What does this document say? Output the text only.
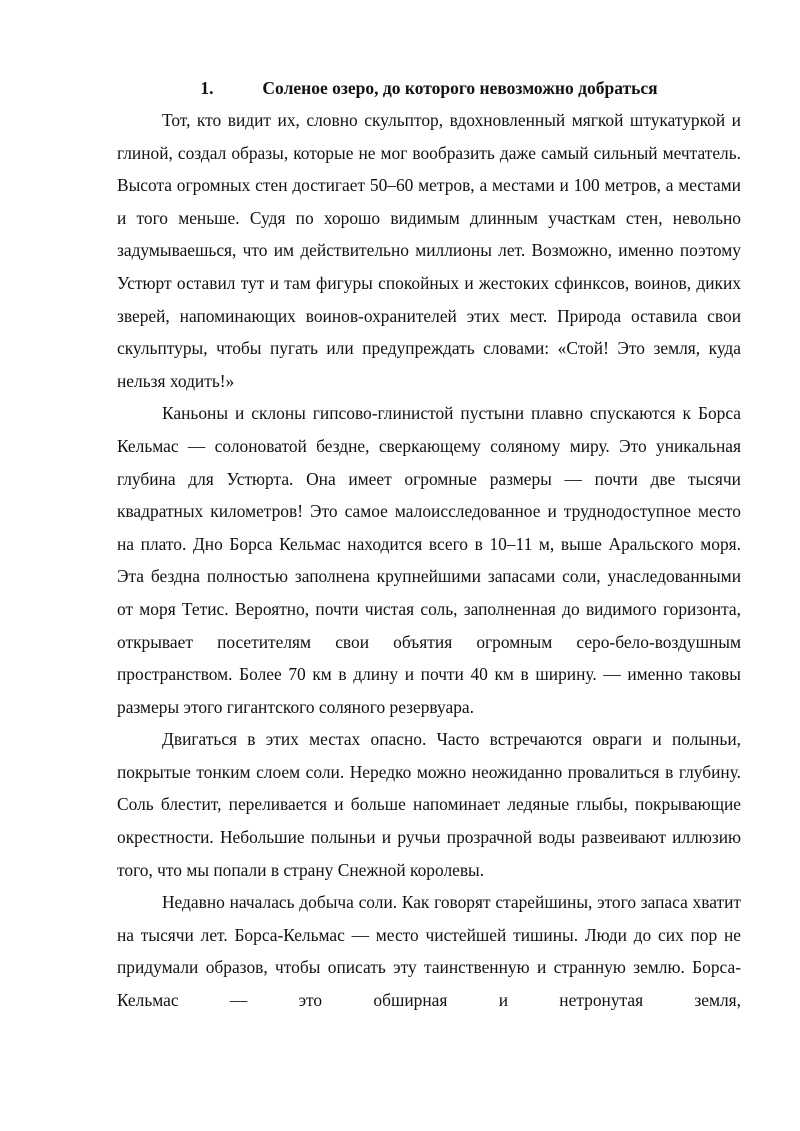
1.	Соленое озеро, до которого невозможно добраться

Тот, кто видит их, словно скульптор, вдохновленный мягкой штукатуркой и глиной, создал образы, которые не мог вообразить даже самый сильный мечтатель. Высота огромных стен достигает 50–60 метров, а местами и 100 метров, а местами и того меньше. Судя по хорошо видимым длинным участкам стен, невольно задумываешься, что им действительно миллионы лет. Возможно, именно поэтому Устюрт оставил тут и там фигуры спокойных и жестоких сфинксов, воинов, диких зверей, напоминающих воинов-охранителей этих мест. Природа оставила свои скульптуры, чтобы пугать или предупреждать словами: «Стой! Это земля, куда нельзя ходить!»

Каньоны и склоны гипсово-глинистой пустыни плавно спускаются к Борса Кельмас — солоноватой бездне, сверкающему соляному миру. Это уникальная глубина для Устюрта. Она имеет огромные размеры — почти две тысячи квадратных километров! Это самое малоисследованное и труднодоступное место на плато. Дно Борса Кельмас находится всего в 10–11 м, выше Аральского моря. Эта бездна полностью заполнена крупнейшими запасами соли, унаследованными от моря Тетис. Вероятно, почти чистая соль, заполненная до видимого горизонта, открывает посетителям свои объятия огромным серо-бело-воздушным пространством. Более 70 км в длину и почти 40 км в ширину. — именно таковы размеры этого гигантского соляного резервуара.

Двигаться в этих местах опасно. Часто встречаются овраги и полыньи, покрытые тонким слоем соли. Нередко можно неожиданно провалиться в глубину. Соль блестит, переливается и больше напоминает ледяные глыбы, покрывающие окрестности. Небольшие полыньи и ручьи прозрачной воды развеивают иллюзию того, что мы попали в страну Снежной королевы.

Недавно началась добыча соли. Как говорят старейшины, этого запаса хватит на тысячи лет. Борса-Кельмас — место чистейшей тишины. Люди до сих пор не придумали образов, чтобы описать эту таинственную и странную землю. Борса-Кельмас — это обширная и нетронутая земля,
